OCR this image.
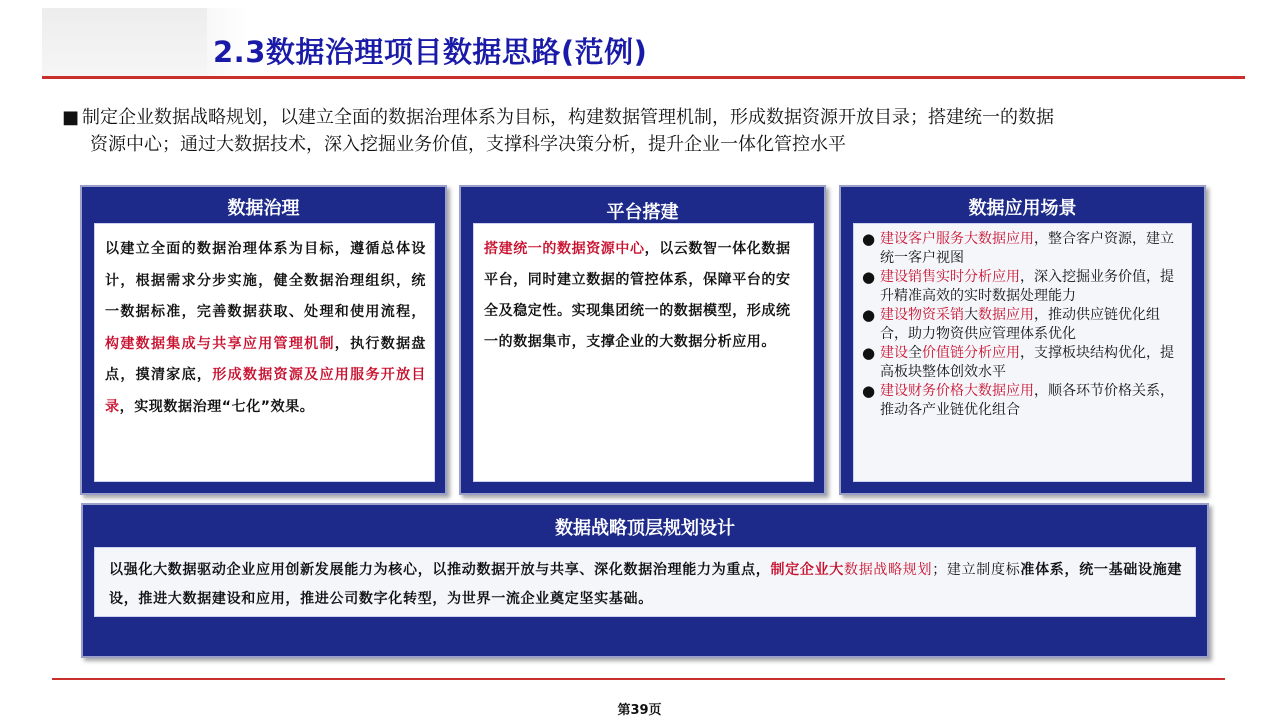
2.3数据治理项目数据思路(范例)
■ 制定企业数据战略规划，以建立全面的数据治理体系为目标，构建数据管理机制，形成数据资源开放目录；搭建统一的数据
资源中心；通过大数据技术，深入挖掘业务价值，支撑科学决策分析，提升企业一体化管控水平
数据治理
以建立全面的数据治理体系为目标，遵循总体设计，根据需求分步实施，健全数据治理组织，统一数据标准，完善数据获取、处理和使用流程，构建数据集成与共享应用管理机制，执行数据盘点，摸清家底，形成数据资源及应用服务开放目录，实现数据治理“七化”效果。
平台搭建
搭建统一的数据资源中心，以云数智一体化数据平台，同时建立数据的管控体系，保障平台的安全及稳定性。实现集团统一的数据模型，形成统一的数据集市，支撑企业的大数据分析应用。
数据应用场景
● 建设客户服务大数据应用，整合客户资源，建立统一客户视图
● 建设销售实时分析应用，深入挖掘业务价值，提升精准高效的实时数据处理能力
● 建设物资采销大数据应用，推动供应链优化组合，助力物资供应管理体系优化
● 建设全价值链分析应用，支撑板块结构优化，提高板块整体创效水平
● 建设财务价格大数据应用，顺各环节价格关系，推动各产业链优化组合
数据战略顶层规划设计
以强化大数据驱动企业应用创新发展能力为核心，以推动数据开放与共享、深化数据治理能力为重点，制定企业大数据战略规划；建立制度标准体系，统一基础设施建设，推进大数据建设和应用，推进公司数字化转型，为世界一流企业奠定坚实基础。
第39页
